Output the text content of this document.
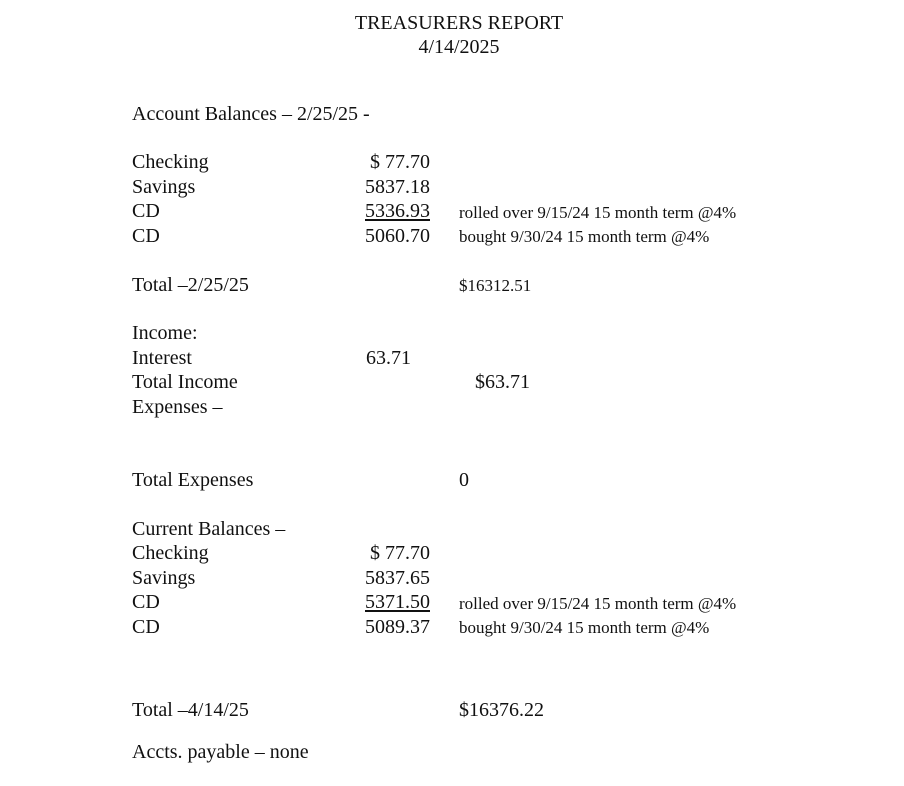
TREASURERS REPORT
4/14/2025
Account Balances – 2/25/25 -
Checking	$ 77.70
Savings	5837.18
CD	5336.93 rolled over 9/15/24 15 month term @4%
CD	5060.70 bought 9/30/24 15 month term @4%
Total –2/25/25	$16312.51
Income:
Interest	63.71
Total Income	$63.71
Expenses –
Total Expenses	0
Current Balances –
Checking	$ 77.70
Savings	5837.65
CD	5371.50 rolled over 9/15/24 15 month term @4%
CD	5089.37 bought 9/30/24 15 month term @4%
Total –4/14/25	$16376.22
Accts. payable – none
